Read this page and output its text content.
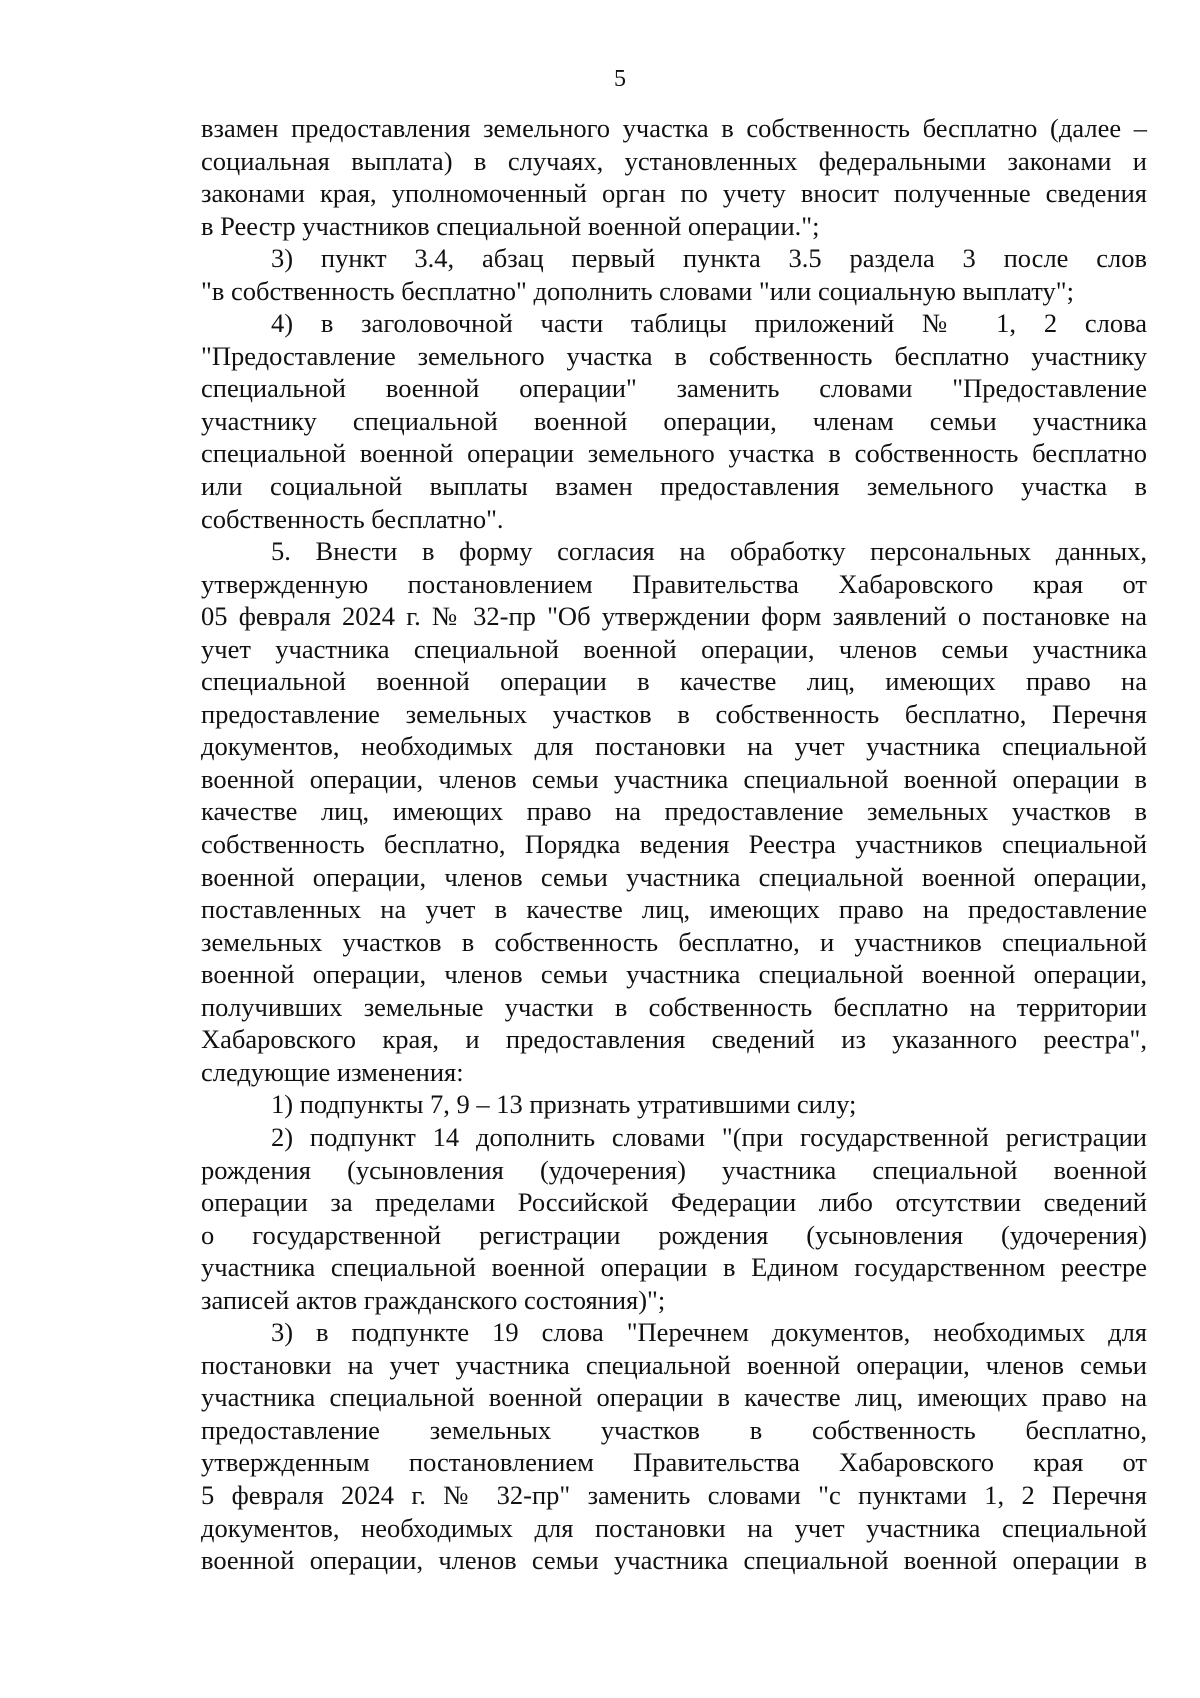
5
взамен предоставления земельного участка в собственность бесплатно (далее –
социальная выплата) в случаях, установленных федеральными законами и
законами края, уполномоченный орган по учету вносит полученные сведения
в Реестр участников специальной военной операции.";
3) пункт 3.4, абзац первый пункта 3.5 раздела 3 после слов
"в собственность бесплатно" дополнить словами "или социальную выплату";
4) в заголовочной части таблицы приложений № 1, 2 слова
"Предоставление земельного участка в собственность бесплатно участнику
специальной военной операции" заменить словами "Предоставление
участнику специальной военной операции, членам семьи участника
специальной военной операции земельного участка в собственность бесплатно
или социальной выплаты взамен предоставления земельного участка в
собственность бесплатно".
5. Внести в форму согласия на обработку персональных данных,
утвержденную постановлением Правительства Хабаровского края от
05 февраля 2024 г. № 32-пр "Об утверждении форм заявлений о постановке на
учет участника специальной военной операции, членов семьи участника
специальной военной операции в качестве лиц, имеющих право на
предоставление земельных участков в собственность бесплатно, Перечня
документов, необходимых для постановки на учет участника специальной
военной операции, членов семьи участника специальной военной операции в
качестве лиц, имеющих право на предоставление земельных участков в
собственность бесплатно, Порядка ведения Реестра участников специальной
военной операции, членов семьи участника специальной военной операции,
поставленных на учет в качестве лиц, имеющих право на предоставление
земельных участков в собственность бесплатно, и участников специальной
военной операции, членов семьи участника специальной военной операции,
получивших земельные участки в собственность бесплатно на территории
Хабаровского края, и предоставления сведений из указанного реестра",
следующие изменения:
1) подпункты 7, 9 – 13 признать утратившими силу;
2) подпункт 14 дополнить словами "(при государственной регистрации
рождения (усыновления (удочерения) участника специальной военной
операции за пределами Российской Федерации либо отсутствии сведений
о государственной регистрации рождения (усыновления (удочерения)
участника специальной военной операции в Едином государственном реестре
записей актов гражданского состояния)";
3) в подпункте 19 слова "Перечнем документов, необходимых для
постановки на учет участника специальной военной операции, членов семьи
участника специальной военной операции в качестве лиц, имеющих право на
предоставление земельных участков в собственность бесплатно,
утвержденным постановлением Правительства Хабаровского края от
5 февраля 2024 г. № 32-пр" заменить словами "с пунктами 1, 2 Перечня
документов, необходимых для постановки на учет участника специальной
военной операции, членов семьи участника специальной военной операции в
